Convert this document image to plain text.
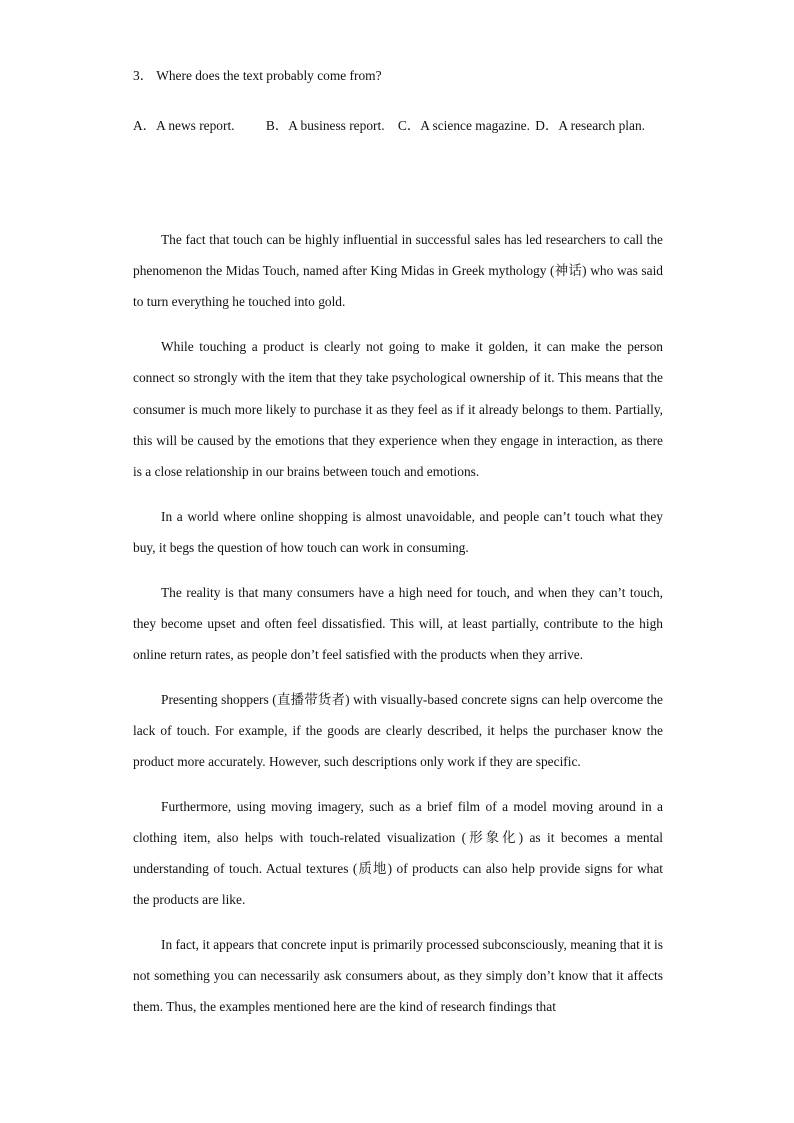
3． Where does the text probably come from?
A．A news report. B．A business report. C．A science magazine. D．A research plan.

The fact that touch can be highly influential in successful sales has led researchers to call the phenomenon the Midas Touch, named after King Midas in Greek mythology (神话) who was said to turn everything he touched into gold.

While touching a product is clearly not going to make it golden, it can make the person connect so strongly with the item that they take psychological ownership of it. This means that the consumer is much more likely to purchase it as they feel as if it already belongs to them. Partially, this will be caused by the emotions that they experience when they engage in interaction, as there is a close relationship in our brains between touch and emotions.

In a world where online shopping is almost unavoidable, and people can’t touch what they buy, it begs the question of how touch can work in consuming.

The reality is that many consumers have a high need for touch, and when they can’t touch, they become upset and often feel dissatisfied. This will, at least partially, contribute to the high online return rates, as people don’t feel satisfied with the products when they arrive.

Presenting shoppers (直播带货者) with visually-based concrete signs can help overcome the lack of touch. For example, if the goods are clearly described, it helps the purchaser know the product more accurately. However, such descriptions only work if they are specific.

Furthermore, using moving imagery, such as a brief film of a model moving around in a clothing item, also helps with touch-related visualization (形象化) as it becomes a mental understanding of touch. Actual textures (质地) of products can also help provide signs for what the products are like.

In fact, it appears that concrete input is primarily processed subconsciously, meaning that it is not something you can necessarily ask consumers about, as they simply don’t know that it affects them. Thus, the examples mentioned here are the kind of research findings that
